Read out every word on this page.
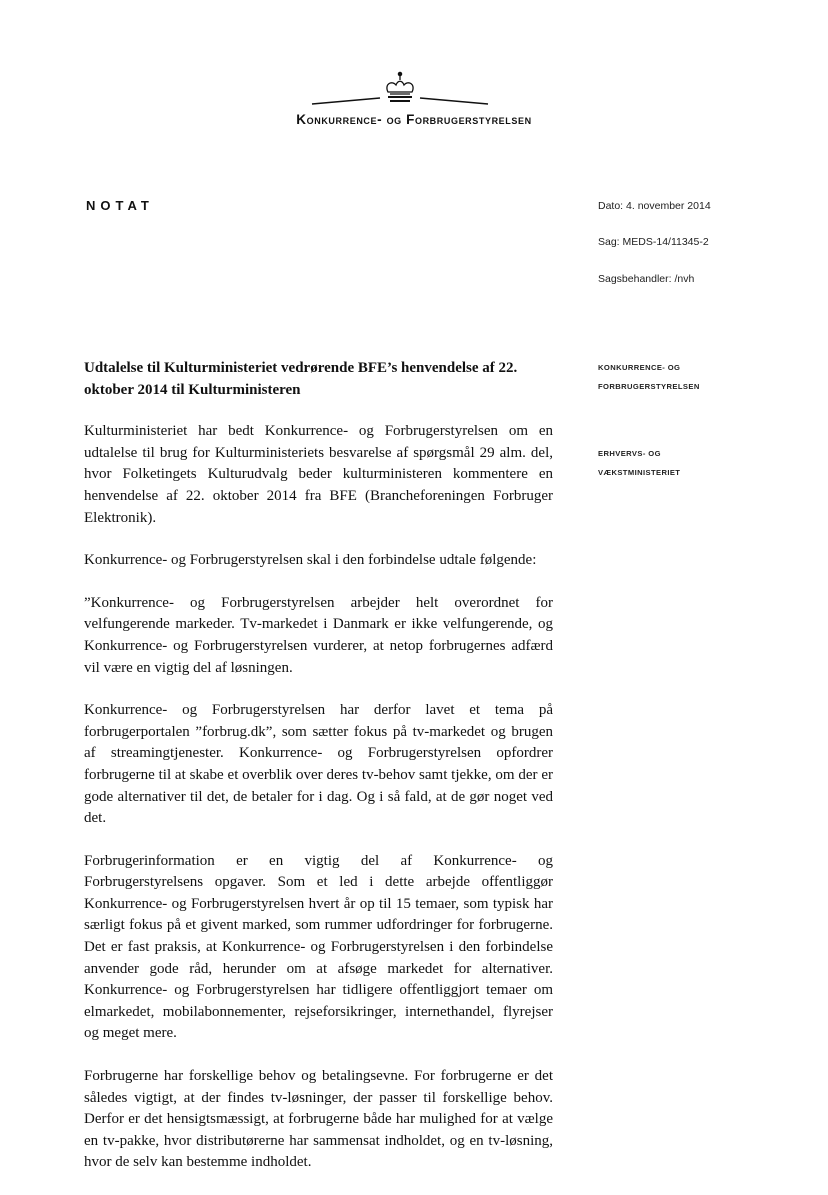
Konkurrence- og Forbrugerstyrelsen
NOTAT	Dato: 4. november 2014
Sag: MEDS-14/11345-2
Sagsbehandler: /nvh
KONKURRENCE- OG
FORBRUGERSTYRELSEN
ERHVERVS- OG
VÆKSTMINISTERIET

Udtalelse til Kulturministeriet vedrørende BFE’s henvendelse af 22. oktober 2014 til Kulturministeren

Kulturministeriet har bedt Konkurrence- og Forbrugerstyrelsen om en udtalelse til brug for Kulturministeriets besvarelse af spørgsmål 29 alm. del, hvor Folketingets Kulturudvalg beder kulturministeren kommentere en henvendelse af 22. oktober 2014 fra BFE (Brancheforeningen Forbruger Elektronik).

Konkurrence- og Forbrugerstyrelsen skal i den forbindelse udtale følgende:

”Konkurrence- og Forbrugerstyrelsen arbejder helt overordnet for velfungerende markeder. Tv-markedet i Danmark er ikke velfungerende, og Konkurrence- og Forbrugerstyrelsen vurderer, at netop forbrugernes adfærd vil være en vigtig del af løsningen.

Konkurrence- og Forbrugerstyrelsen har derfor lavet et tema på forbrugerportalen ”forbrug.dk”, som sætter fokus på tv-markedet og brugen af streamingtjenester. Konkurrence- og Forbrugerstyrelsen opfordrer forbrugerne til at skabe et overblik over deres tv-behov samt tjekke, om der er gode alternativer til det, de betaler for i dag. Og i så fald, at de gør noget ved det.

Forbrugerinformation er en vigtig del af Konkurrence- og Forbrugerstyrelsens opgaver. Som et led i dette arbejde offentliggør Konkurrence- og Forbrugerstyrelsen hvert år op til 15 temaer, som typisk har særligt fokus på et givent marked, som rummer udfordringer for forbrugerne. Det er fast praksis, at Konkurrence- og Forbrugerstyrelsen i den forbindelse anvender gode råd, herunder om at afsøge markedet for alternativer. Konkurrence- og Forbrugerstyrelsen har tidligere offentliggjort temaer om elmarkedet, mobilabonnementer, rejseforsikringer, internethandel, flyrejser og meget mere.

Forbrugerne har forskellige behov og betalingsevne. For forbrugerne er det således vigtigt, at der findes tv-løsninger, der passer til forskellige behov. Derfor er det hensigtsmæssigt, at forbrugerne både har mulighed for at vælge en tv-pakke, hvor distributørerne har sammensat indholdet, og en tv-løsning, hvor de selv kan bestemme indholdet.
